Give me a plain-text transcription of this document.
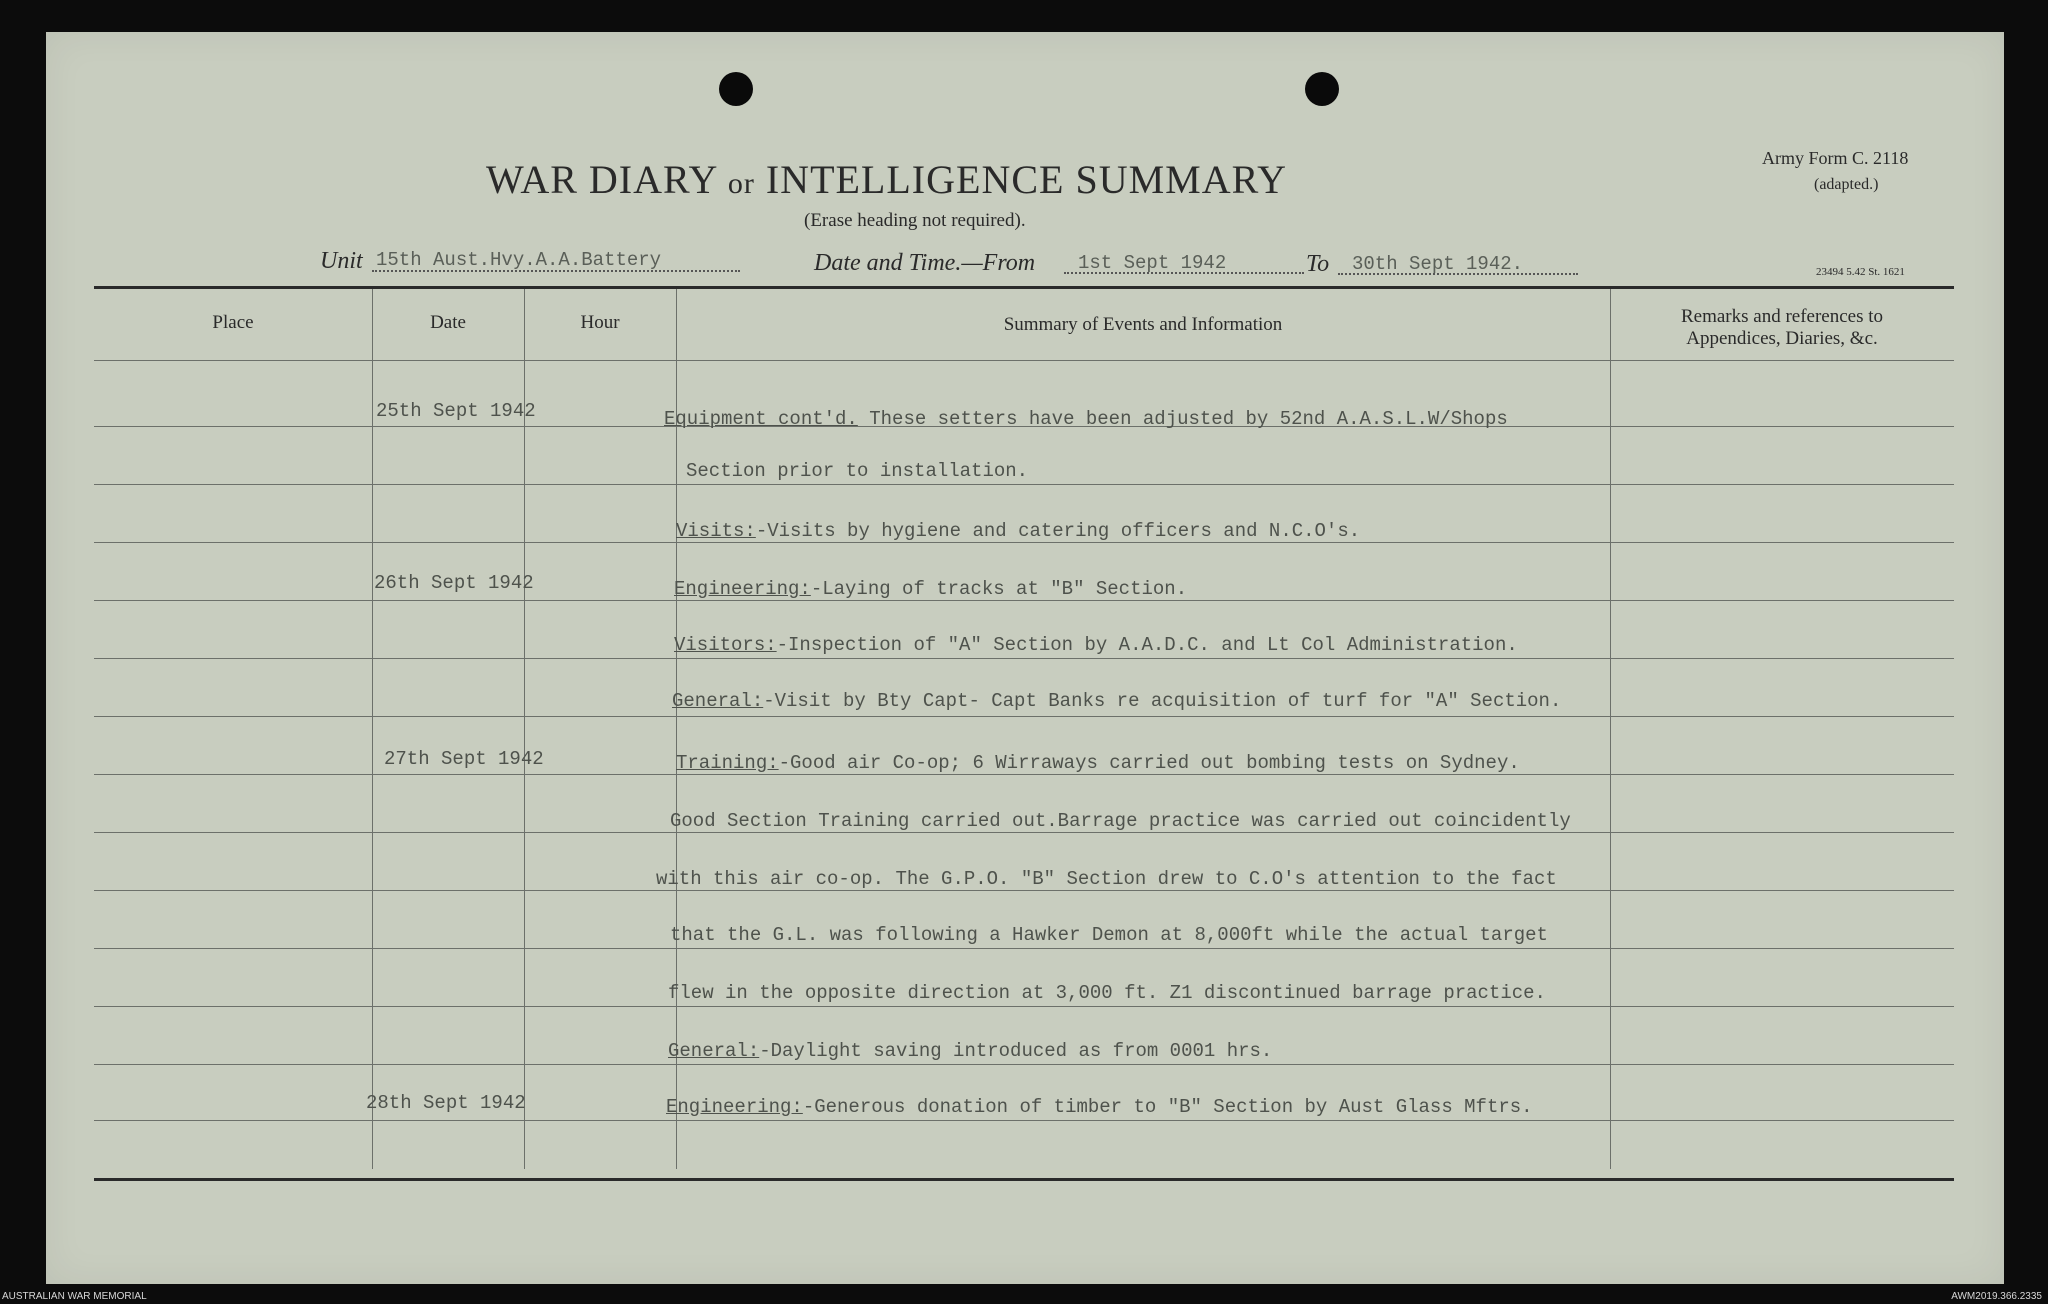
WAR DIARY or INTELLIGENCE SUMMARY
(Erase heading not required).
Army Form C. 2118
(adapted.)
23494 5.42 St. 1621
Unit 15th Aust.Hvy.A.A.Battery	Date and Time.—From 1st Sept 1942	To 30th Sept 1942.
Place	Date	Hour	Summary of Events and Information	Remarks and references to
Appendices, Diaries, &c.
25th Sept 1942	Equipment cont'd. These setters have been adjusted by 52nd A.A.S.L.W/Shops
Section prior to installation.
Visits:-Visits by hygiene and catering officers and N.C.O's.
26th Sept 1942	Engineering:-Laying of tracks at "B" Section.
Visitors:-Inspection of "A" Section by A.A.D.C. and Lt Col Administration.
General:-Visit by Bty Capt- Capt Banks re acquisition of turf for "A" Section.
27th Sept 1942	Training:-Good air Co-op; 6 Wirraways carried out bombing tests on Sydney.
Good Section Training carried out.Barrage practice was carried out coincidently
with this air co-op. The G.P.O. "B" Section drew to C.O's attention to the fact
that the G.L. was following a Hawker Demon at 8,000ft while the actual target
flew in the opposite direction at 3,000 ft. Z1 discontinued barrage practice.
General:-Daylight saving introduced as from 0001 hrs.
28th Sept 1942	Engineering:-Generous donation of timber to "B" Section by Aust Glass Mftrs.
AUSTRALIAN WAR MEMORIAL	AWM2019.366.2335
